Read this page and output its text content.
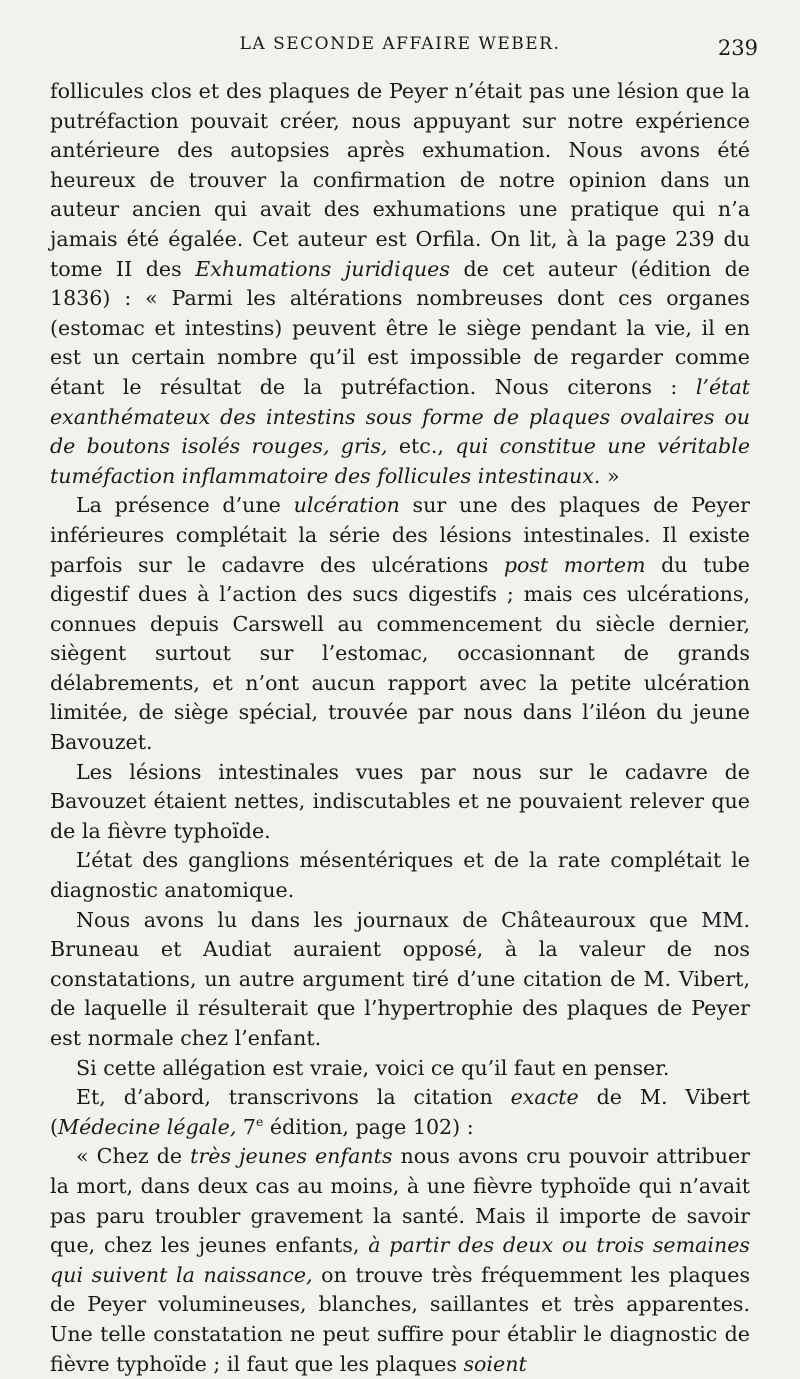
LA SECONDE AFFAIRE WEBER.	239

follicules clos et des plaques de Peyer n’était pas une lésion que la putréfaction pouvait créer, nous appuyant sur notre expérience antérieure des autopsies après exhumation. Nous avons été heureux de trouver la confirmation de notre opinion dans un auteur ancien qui avait des exhumations une pratique qui n’a jamais été égalée. Cet auteur est Orfila. On lit, à la page 239 du tome II des Exhumations juridiques de cet auteur (édition de 1836) : « Parmi les altérations nombreuses dont ces organes (estomac et intestins) peuvent être le siège pendant la vie, il en est un certain nombre qu’il est impossible de regarder comme étant le résultat de la putréfaction. Nous citerons : l’état exanthémateux des intestins sous forme de plaques ovalaires ou de boutons isolés rouges, gris, etc., qui constitue une véritable tuméfaction inflammatoire des follicules intestinaux. »

La présence d’une ulcération sur une des plaques de Peyer inférieures complétait la série des lésions intestinales. Il existe parfois sur le cadavre des ulcérations post mortem du tube digestif dues à l’action des sucs digestifs ; mais ces ulcérations, connues depuis Carswell au commencement du siècle dernier, siègent surtout sur l’estomac, occasionnant de grands délabrements, et n’ont aucun rapport avec la petite ulcération limitée, de siège spécial, trouvée par nous dans l’iléon du jeune Bavouzet.

Les lésions intestinales vues par nous sur le cadavre de Bavouzet étaient nettes, indiscutables et ne pouvaient relever que de la fièvre typhoïde.

L’état des ganglions mésentériques et de la rate complétait le diagnostic anatomique.

Nous avons lu dans les journaux de Châteauroux que MM. Bruneau et Audiat auraient opposé, à la valeur de nos constatations, un autre argument tiré d’une citation de M. Vibert, de laquelle il résulterait que l’hypertrophie des plaques de Peyer est normale chez l’enfant.

Si cette allégation est vraie, voici ce qu’il faut en penser.

Et, d’abord, transcrivons la citation exacte de M. Vibert (Médecine légale, 7e édition, page 102) :

« Chez de très jeunes enfants nous avons cru pouvoir attribuer la mort, dans deux cas au moins, à une fièvre typhoïde qui n’avait pas paru troubler gravement la santé. Mais il importe de savoir que, chez les jeunes enfants, à partir des deux ou trois semaines qui suivent la naissance, on trouve très fréquemment les plaques de Peyer volumineuses, blanches, saillantes et très apparentes. Une telle constatation ne peut suffire pour établir le diagnostic de fièvre typhoïde ; il faut que les plaques soient
